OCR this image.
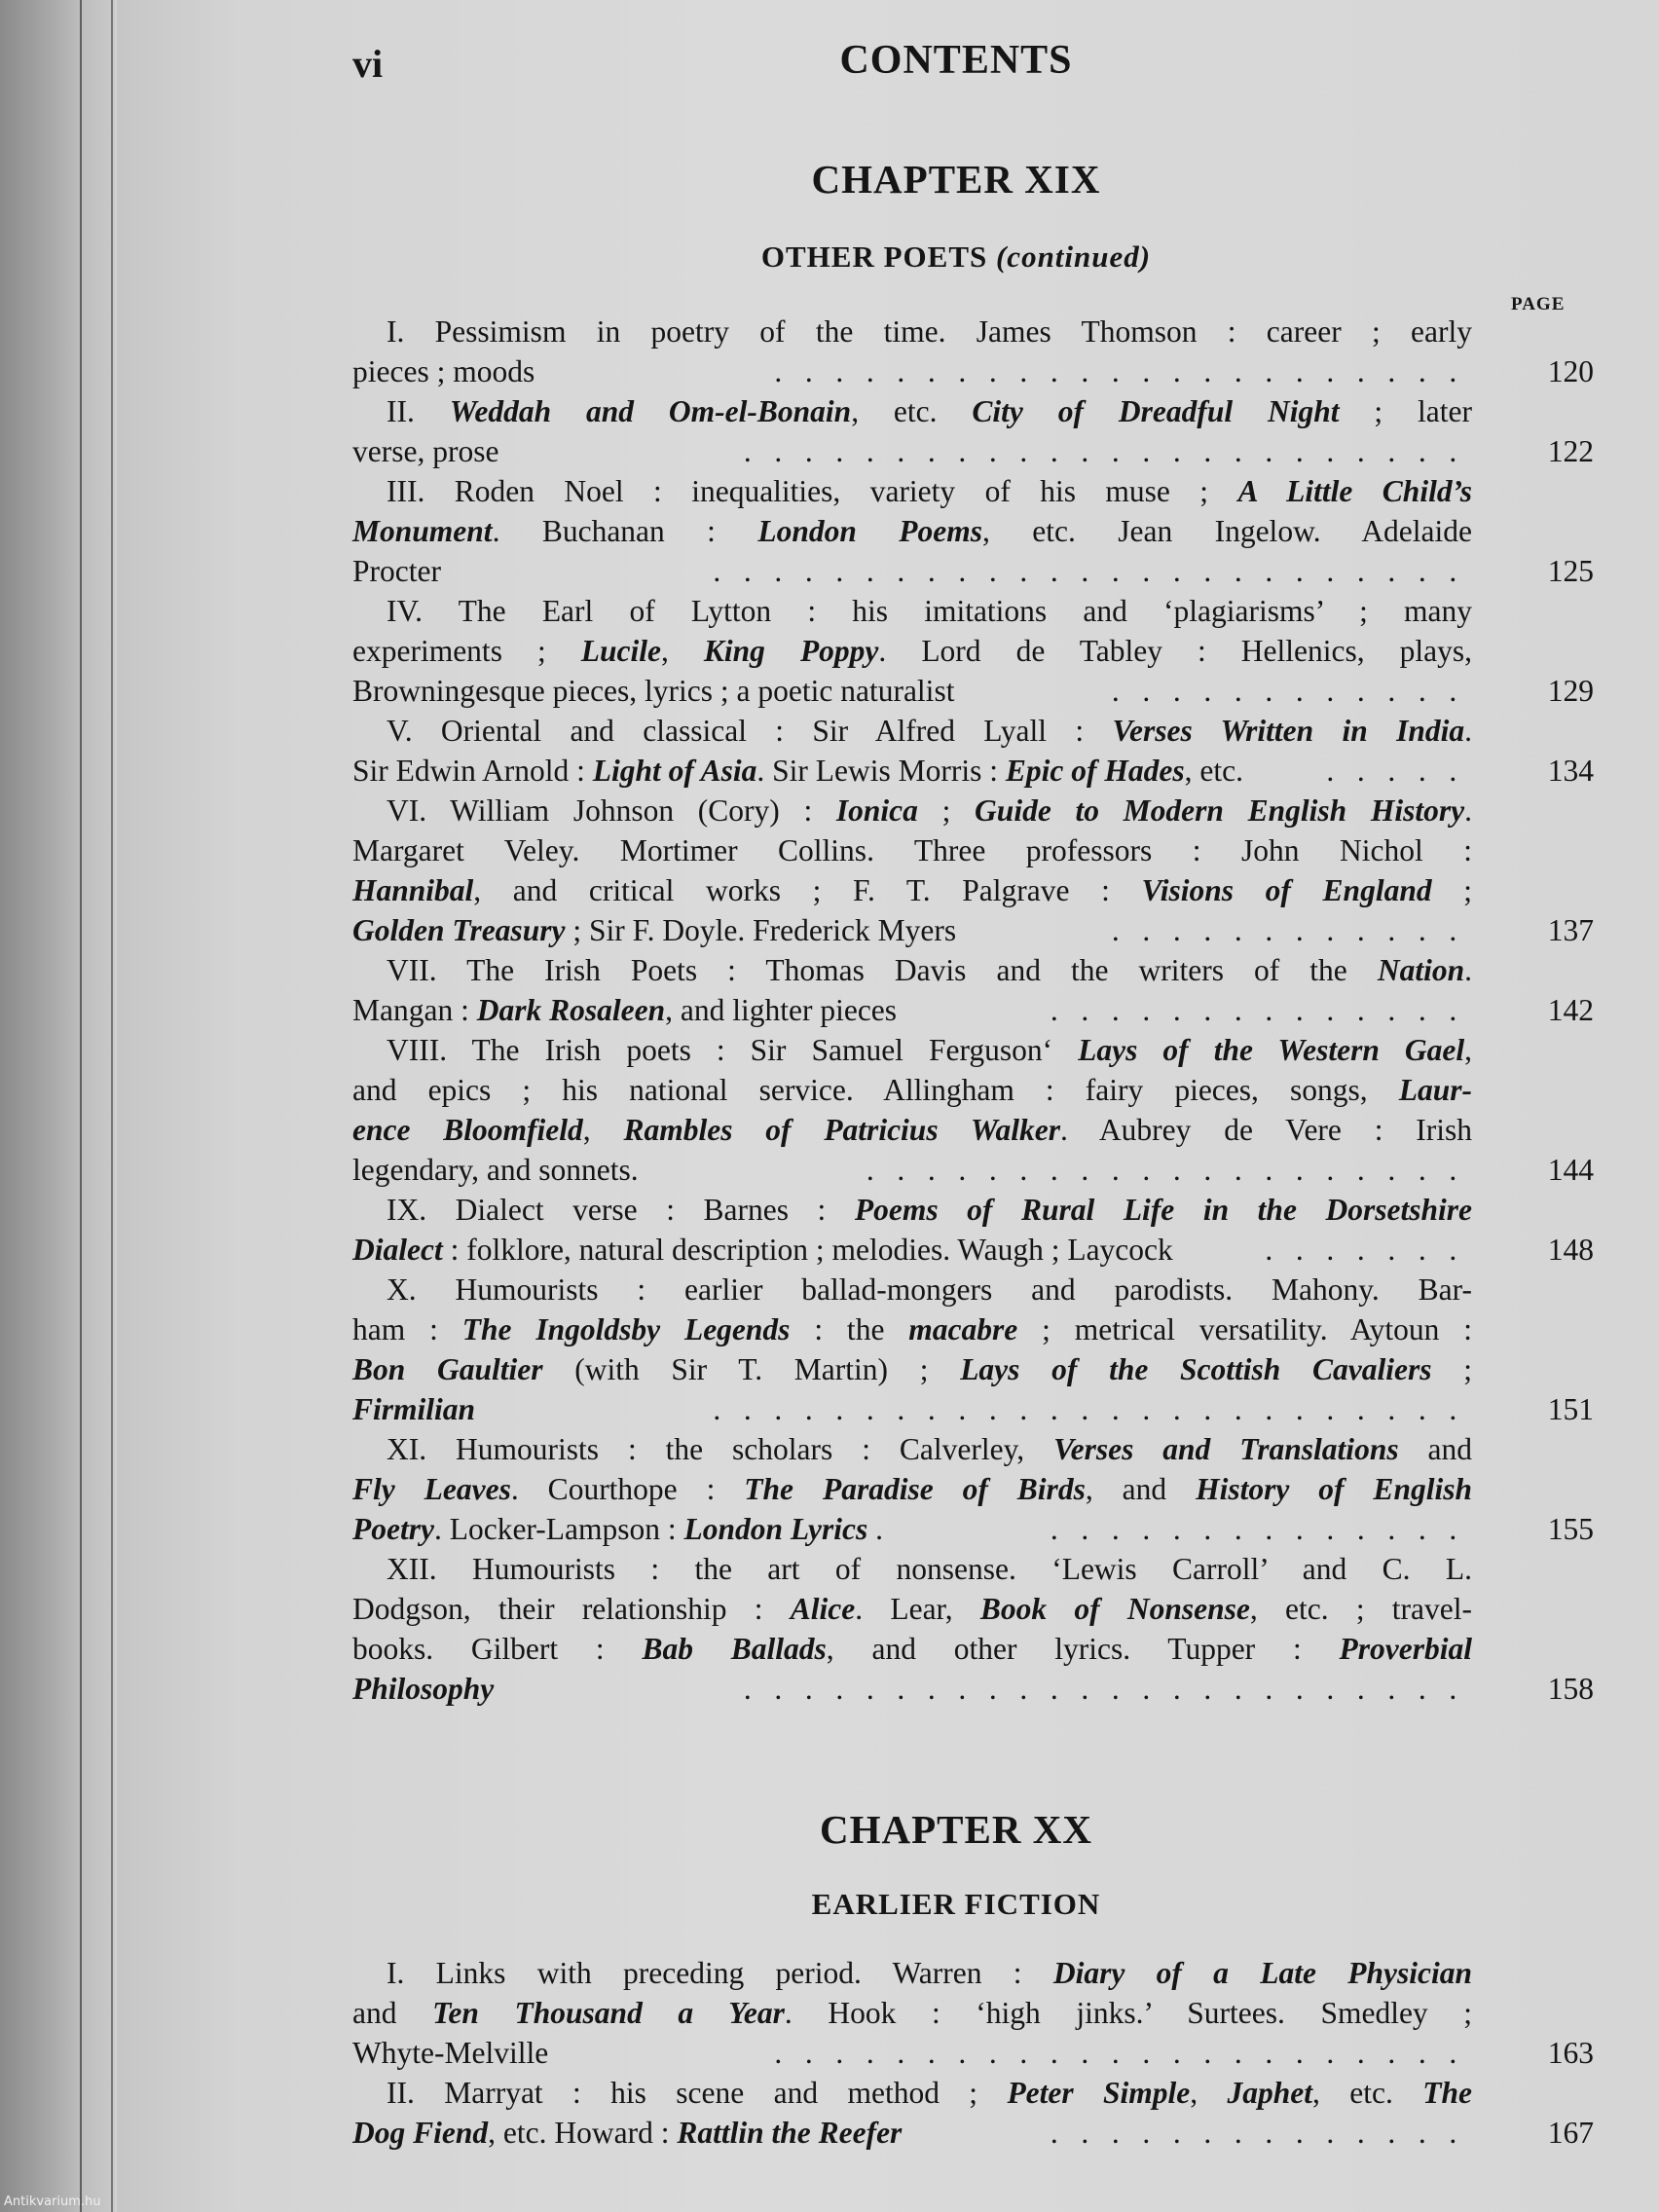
vi	CONTENTS
CHAPTER XIX
OTHER POETS (continued)
PAGE
I. Pessimism in poetry of the time. James Thomson : career ; early
pieces ; moods	.   .   .   .   .   .   .   .   .   .   .   .   .   .   .   .   .   .   .   .   .   .   .	120
II. Weddah and Om-el-Bonain, etc. City of Dreadful Night ; later
verse, prose	.   .   .   .   .   .   .   .   .   .   .   .   .   .   .   .   .   .   .   .   .   .   .   .	122
III. Roden Noel : inequalities, variety of his muse ; A Little Child’s
Monument. Buchanan : London Poems, etc. Jean Ingelow. Adelaide
Procter	.   .   .   .   .   .   .   .   .   .   .   .   .   .   .   .   .   .   .   .   .   .   .   .   .	125
IV. The Earl of Lytton : his imitations and ‘plagiarisms’ ; many
experiments ; Lucile, King Poppy. Lord de Tabley : Hellenics, plays,
Browningesque pieces, lyrics ; a poetic naturalist	.   .   .   .   .   .   .   .   .   .   .   .	129
V. Oriental and classical : Sir Alfred Lyall : Verses Written in India.
Sir Edwin Arnold : Light of Asia. Sir Lewis Morris : Epic of Hades, etc. .   .   .   .   .	134
VI. William Johnson (Cory) : Ionica ; Guide to Modern English History.
Margaret Veley. Mortimer Collins. Three professors : John Nichol :
Hannibal, and critical works ; F. T. Palgrave : Visions of England ;
Golden Treasury ; Sir F. Doyle. Frederick Myers	.   .   .   .   .   .   .   .   .   .   .   .	137
VII. The Irish Poets : Thomas Davis and the writers of the Nation.
Mangan : Dark Rosaleen, and lighter pieces	.   .   .   .   .   .   .   .   .   .   .   .   .   .	142
VIII. The Irish poets : Sir Samuel Ferguson‘ Lays of the Western Gael,
and epics ; his national service. Allingham : fairy pieces, songs, Laur-
ence Bloomfield, Rambles of Patricius Walker. Aubrey de Vere : Irish
legendary, and sonnets.	.   .   .   .   .   .   .   .   .   .   .   .   .   .   .   .   .   .   .   .	144
IX. Dialect verse : Barnes : Poems of Rural Life in the Dorsetshire
Dialect : folklore, natural description ; melodies. Waugh ; Laycock	.   .   .   .   .   .   .	148
X. Humourists : earlier ballad-mongers and parodists. Mahony. Bar-
ham : The Ingoldsby Legends : the macabre ; metrical versatility. Aytoun :
Bon Gaultier (with Sir T. Martin) ; Lays of the Scottish Cavaliers ;
Firmilian	.   .   .   .   .   .   .   .   .   .   .   .   .   .   .   .   .   .   .   .   .   .   .   .   .	151
XI. Humourists : the scholars : Calverley, Verses and Translations and
Fly Leaves. Courthope : The Paradise of Birds, and History of English
Poetry. Locker-Lampson : London Lyrics .	.   .   .   .   .   .   .   .   .   .   .   .   .   .	155
XII. Humourists : the art of nonsense. ‘Lewis Carroll’ and C. L.
Dodgson, their relationship : Alice. Lear, Book of Nonsense, etc. ; travel-
books. Gilbert : Bab Ballads, and other lyrics. Tupper : Proverbial
Philosophy	.   .   .   .   .   .   .   .   .   .   .   .   .   .   .   .   .   .   .   .   .   .   .   .	158
CHAPTER XX
EARLIER FICTION
I. Links with preceding period. Warren : Diary of a Late Physician
and Ten Thousand a Year. Hook : ‘high jinks.’ Surtees. Smedley ;
Whyte-Melville	.   .   .   .   .   .   .   .   .   .   .   .   .   .   .   .   .   .   .   .   .   .   .	163
II. Marryat : his scene and method ; Peter Simple, Japhet, etc. The
Dog Fiend, etc. Howard : Rattlin the Reefer	.   .   .   .   .   .   .   .   .   .   .   .   .   .	167
Antikvarium.hu
